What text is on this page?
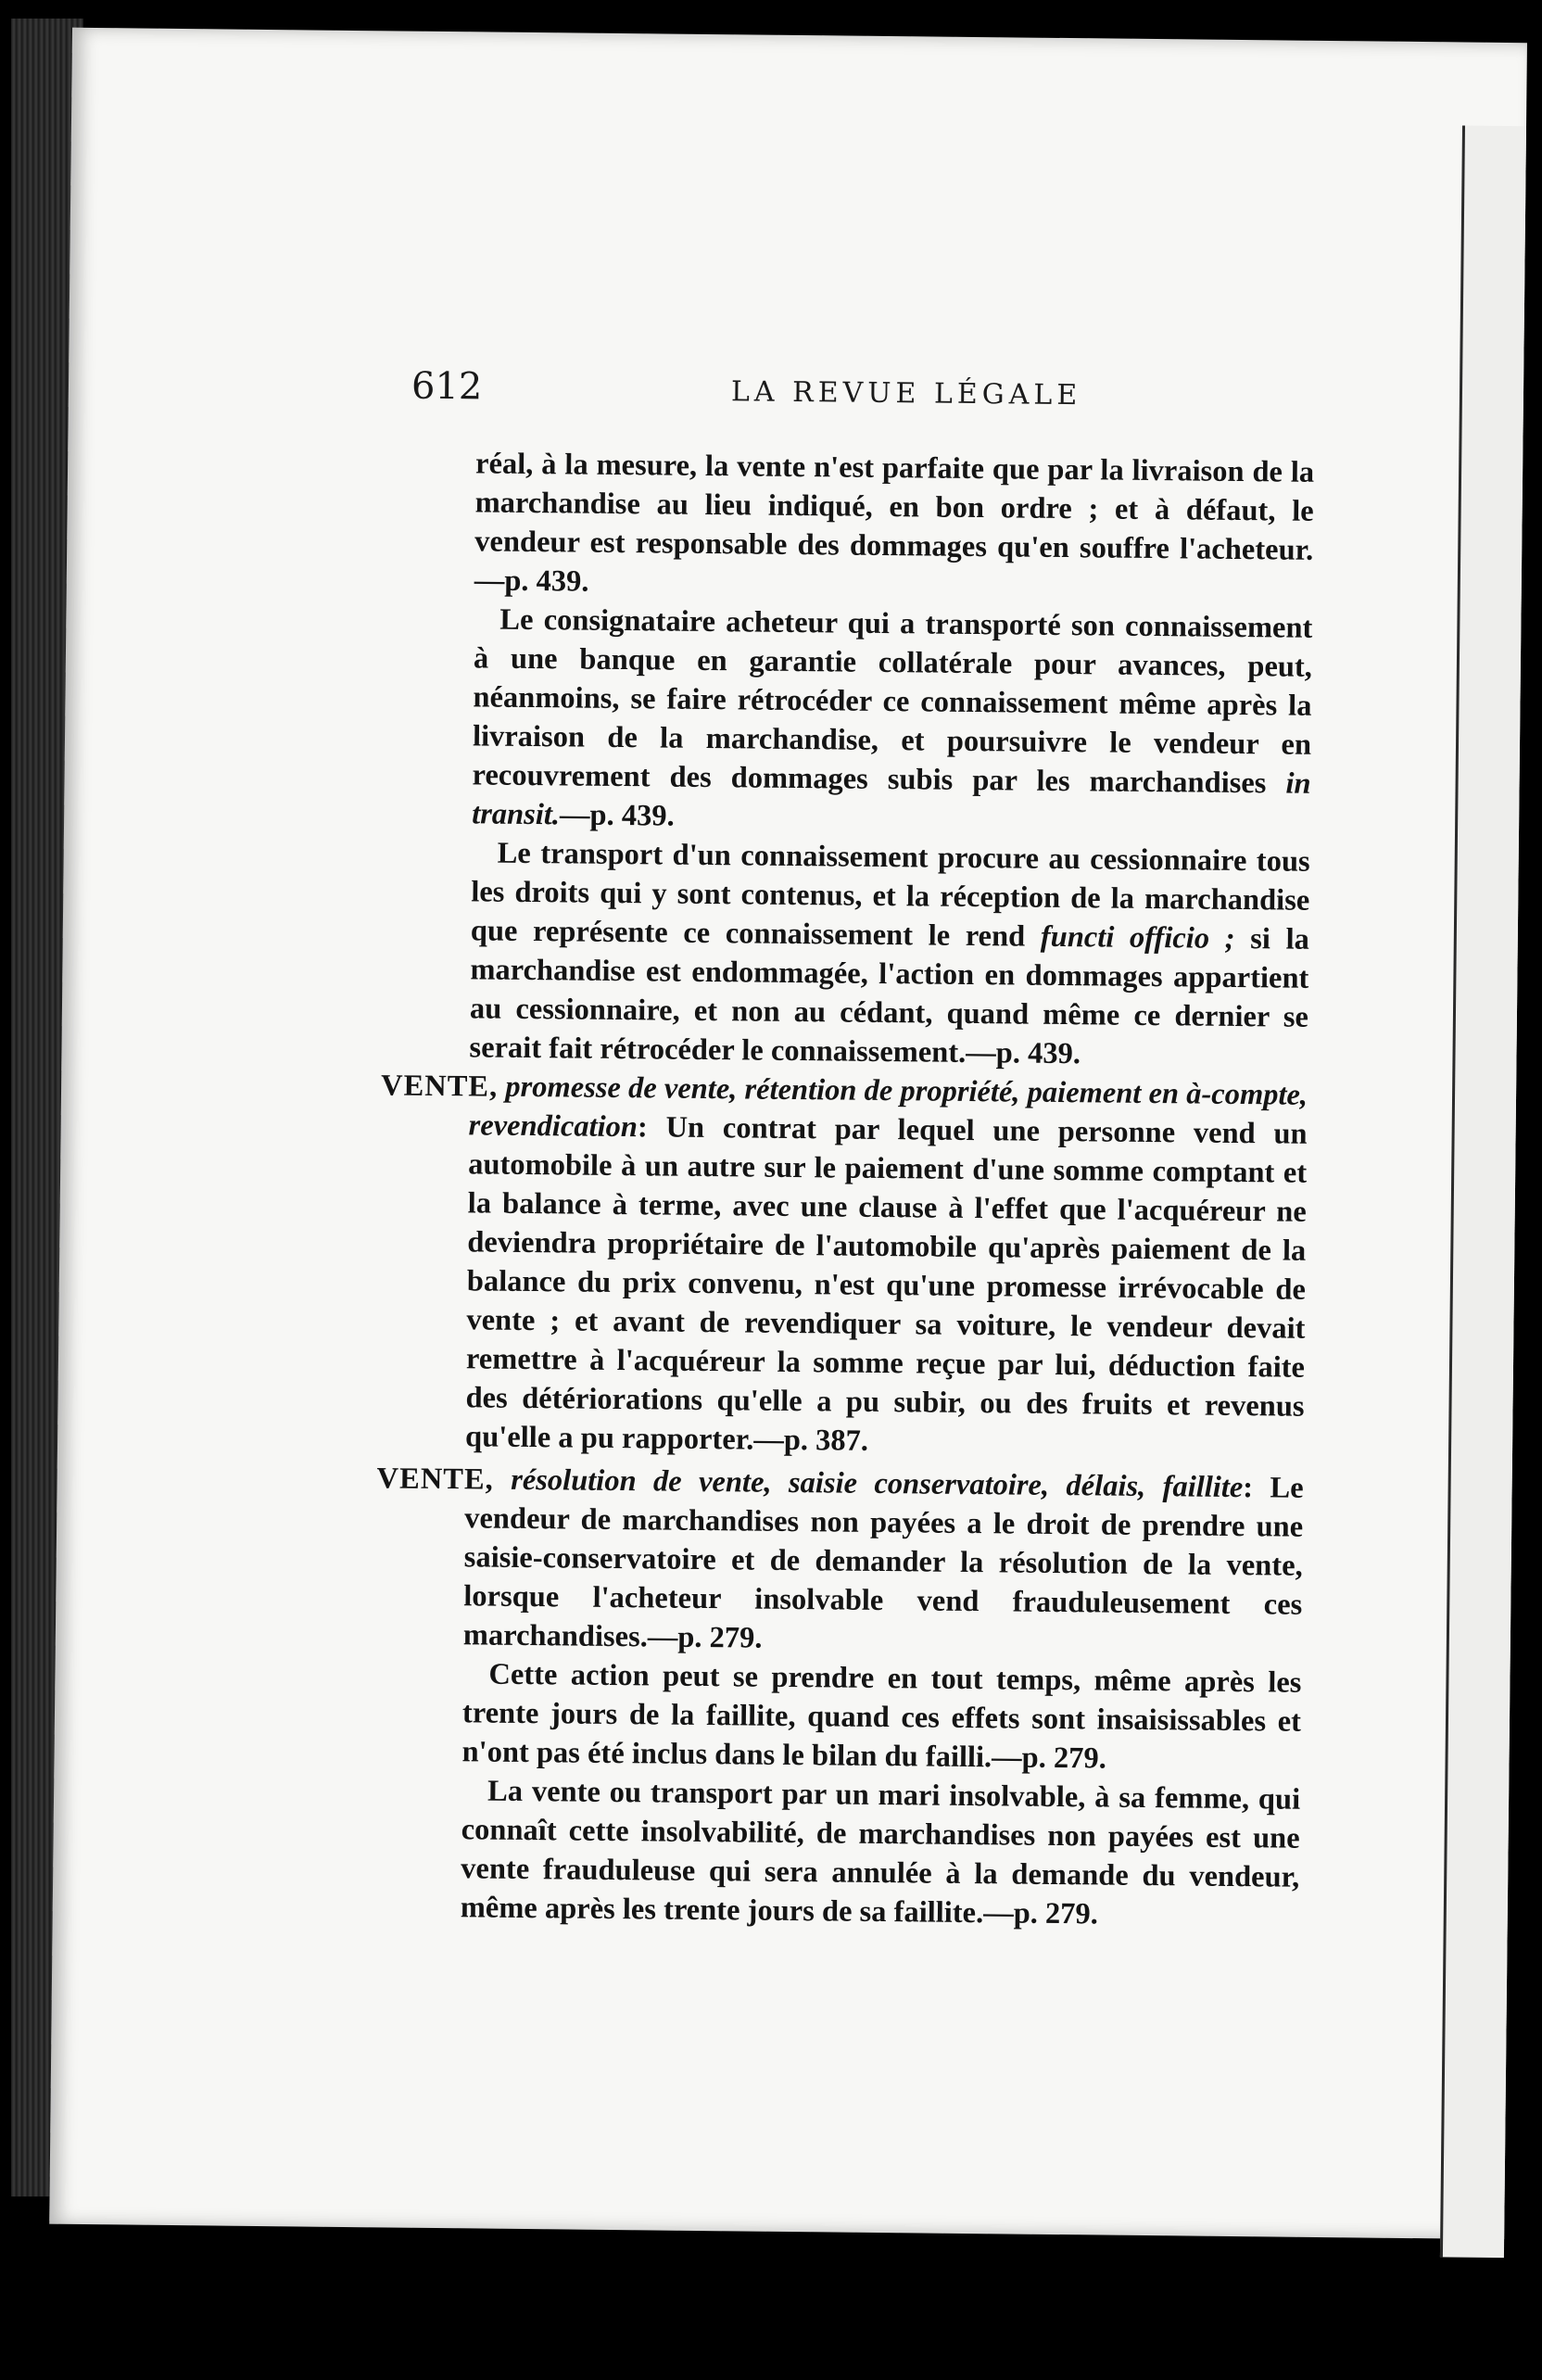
612	LA REVUE LÉGALE

réal, à la mesure, la vente n'est parfaite que par la livraison de la marchandise au lieu indiqué, en bon ordre ; et à défaut, le vendeur est responsable des dommages qu'en souffre l'acheteur.—p. 439.

Le consignataire acheteur qui a transporté son connaissement à une banque en garantie collatérale pour avances, peut, néanmoins, se faire rétrocéder ce connaissement même après la livraison de la marchandise, et poursuivre le vendeur en recouvrement des dommages subis par les marchandises in transit.—p. 439.

Le transport d'un connaissement procure au cessionnaire tous les droits qui y sont contenus, et la réception de la marchandise que représente ce connaissement le rend functi officio ; si la marchandise est endommagée, l'action en dommages appartient au cessionnaire, et non au cédant, quand même ce dernier se serait fait rétrocéder le connaissement.—p. 439.

VENTE, promesse de vente, rétention de propriété, paiement en à-compte, revendication: Un contrat par lequel une personne vend un automobile à un autre sur le paiement d'une somme comptant et la balance à terme, avec une clause à l'effet que l'acquéreur ne deviendra propriétaire de l'automobile qu'après paiement de la balance du prix convenu, n'est qu'une promesse irrévocable de vente ; et avant de revendiquer sa voiture, le vendeur devait remettre à l'acquéreur la somme reçue par lui, déduction faite des détériorations qu'elle a pu subir, ou des fruits et revenus qu'elle a pu rapporter.—p. 387.

VENTE, résolution de vente, saisie conservatoire, délais, faillite: Le vendeur de marchandises non payées a le droit de prendre une saisie-conservatoire et de demander la résolution de la vente, lorsque l'acheteur insolvable vend frauduleusement ces marchandises.—p. 279.

Cette action peut se prendre en tout temps, même après les trente jours de la faillite, quand ces effets sont insaisissables et n'ont pas été inclus dans le bilan du failli.—p. 279.

La vente ou transport par un mari insolvable, à sa femme, qui connaît cette insolvabilité, de marchandises non payées est une vente frauduleuse qui sera annulée à la demande du vendeur, même après les trente jours de sa faillite.—p. 279.
